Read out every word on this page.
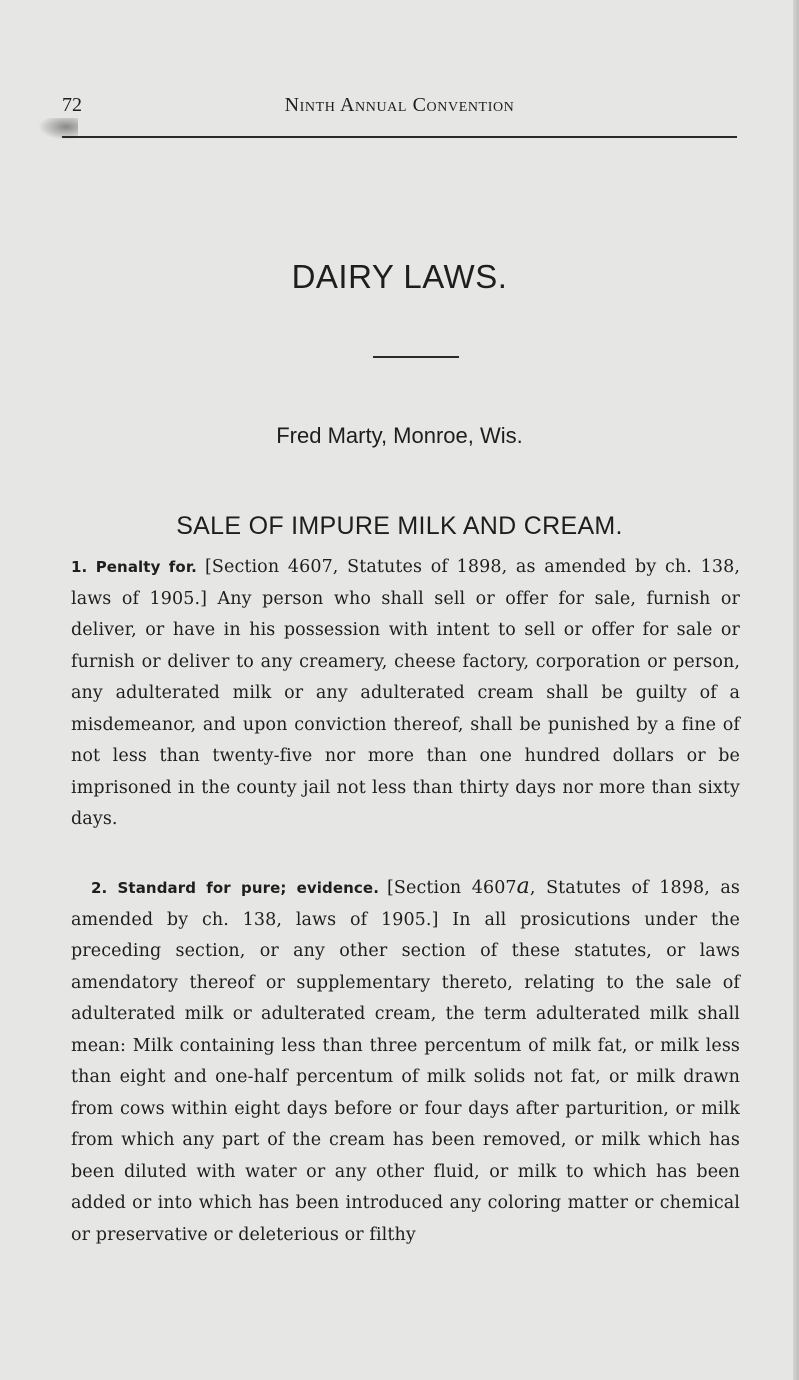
72	Ninth Annual Convention
DAIRY LAWS.
Fred Marty, Monroe, Wis.
SALE OF IMPURE MILK AND CREAM.

1. Penalty for. [Section 4607, Statutes of 1898, as amended by ch. 138, laws of 1905.] Any person who shall sell or offer for sale, furnish or deliver, or have in his possession with intent to sell or offer for sale or furnish or deliver to any creamery, cheese factory, corporation or person, any adulterated milk or any adulterated cream shall be guilty of a misdemeanor, and upon conviction thereof, shall be punished by a fine of not less than twenty-five nor more than one hundred dollars or be imprisoned in the county jail not less than thirty days nor more than sixty days.

2. Standard for pure; evidence. [Section 4607a, Statutes of 1898, as amended by ch. 138, laws of 1905.] In all prosicutions under the preceding section, or any other section of these statutes, or laws amendatory thereof or supplementary thereto, relating to the sale of adulterated milk or adulterated cream, the term adulterated milk shall mean: Milk containing less than three percentum of milk fat, or milk less than eight and one-half percentum of milk solids not fat, or milk drawn from cows within eight days before or four days after parturition, or milk from which any part of the cream has been removed, or milk which has been diluted with water or any other fluid, or milk to which has been added or into which has been introduced any coloring matter or chemical or preservative or deleterious or filthy
